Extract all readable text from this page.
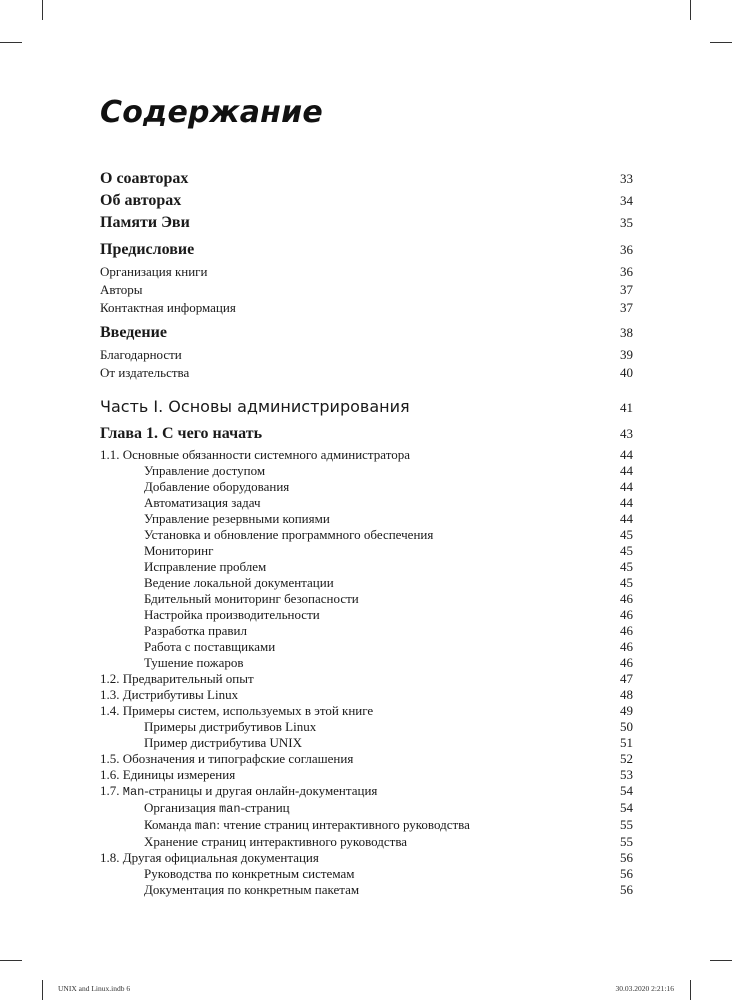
Содержание
О соавторах	33
Об авторах	34
Памяти Эви	35
Предисловие	36
Организация книги	36
Авторы	37
Контактная информация	37
Введение	38
Благодарности	39
От издательства	40
Часть I. Основы администрирования	41
Глава 1. С чего начать	43
1.1. Основные обязанности системного администратора	44
Управление доступом	44
Добавление оборудования	44
Автоматизация задач	44
Управление резервными копиями	44
Установка и обновление программного обеспечения	45
Мониторинг	45
Исправление проблем	45
Ведение локальной документации	45
Бдительный мониторинг безопасности	46
Настройка производительности	46
Разработка правил	46
Работа с поставщиками	46
Тушение пожаров	46
1.2. Предварительный опыт	47
1.3. Дистрибутивы Linux	48
1.4. Примеры систем, используемых в этой книге	49
Примеры дистрибутивов Linux	50
Пример дистрибутива UNIX	51
1.5. Обозначения и типографские соглашения	52
1.6. Единицы измерения	53
1.7. Man-страницы и другая онлайн-документация	54
Организация man-страниц	54
Команда man: чтение страниц интерактивного руководства	55
Хранение страниц интерактивного руководства	55
1.8. Другая официальная документация	56
Руководства по конкретным системам	56
Документация по конкретным пакетам	56
UNIX and Linux.indb 6	30.03.2020 2:21:16
